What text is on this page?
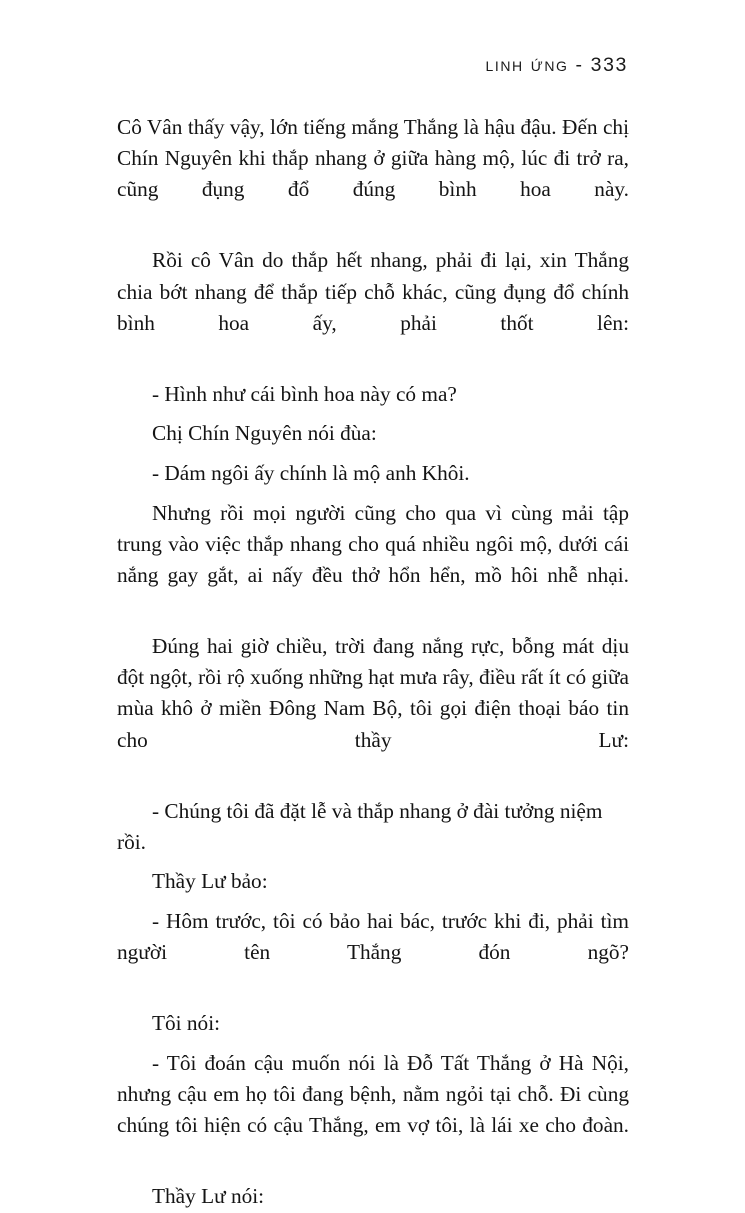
linh ứng - 333

Cô Vân thấy vậy, lớn tiếng mắng Thắng là hậu đậu. Đến chị Chín Nguyên khi thắp nhang ở giữa hàng mộ, lúc đi trở ra, cũng đụng đổ đúng bình hoa này.

Rồi cô Vân do thắp hết nhang, phải đi lại, xin Thắng chia bớt nhang để thắp tiếp chỗ khác, cũng đụng đổ chính bình hoa ấy, phải thốt lên:

- Hình như cái bình hoa này có ma?

Chị Chín Nguyên nói đùa:

- Dám ngôi ấy chính là mộ anh Khôi.

Nhưng rồi mọi người cũng cho qua vì cùng mải tập trung vào việc thắp nhang cho quá nhiều ngôi mộ, dưới cái nắng gay gắt, ai nấy đều thở hổn hển, mồ hôi nhễ nhại.

Đúng hai giờ chiều, trời đang nắng rực, bỗng mát dịu đột ngột, rồi rộ xuống những hạt mưa rây, điều rất ít có giữa mùa khô ở miền Đông Nam Bộ, tôi gọi điện thoại báo tin cho thầy Lư:

- Chúng tôi đã đặt lễ và thắp nhang ở đài tưởng niệm rồi.

Thầy Lư bảo:

- Hôm trước, tôi có bảo hai bác, trước khi đi, phải tìm người tên Thắng đón ngõ?

Tôi nói:

- Tôi đoán cậu muốn nói là Đỗ Tất Thắng ở Hà Nội, nhưng cậu em họ tôi đang bệnh, nằm ngỏi tại chỗ. Đi cùng chúng tôi hiện có cậu Thắng, em vợ tôi, là lái xe cho đoàn.

Thầy Lư nói:
